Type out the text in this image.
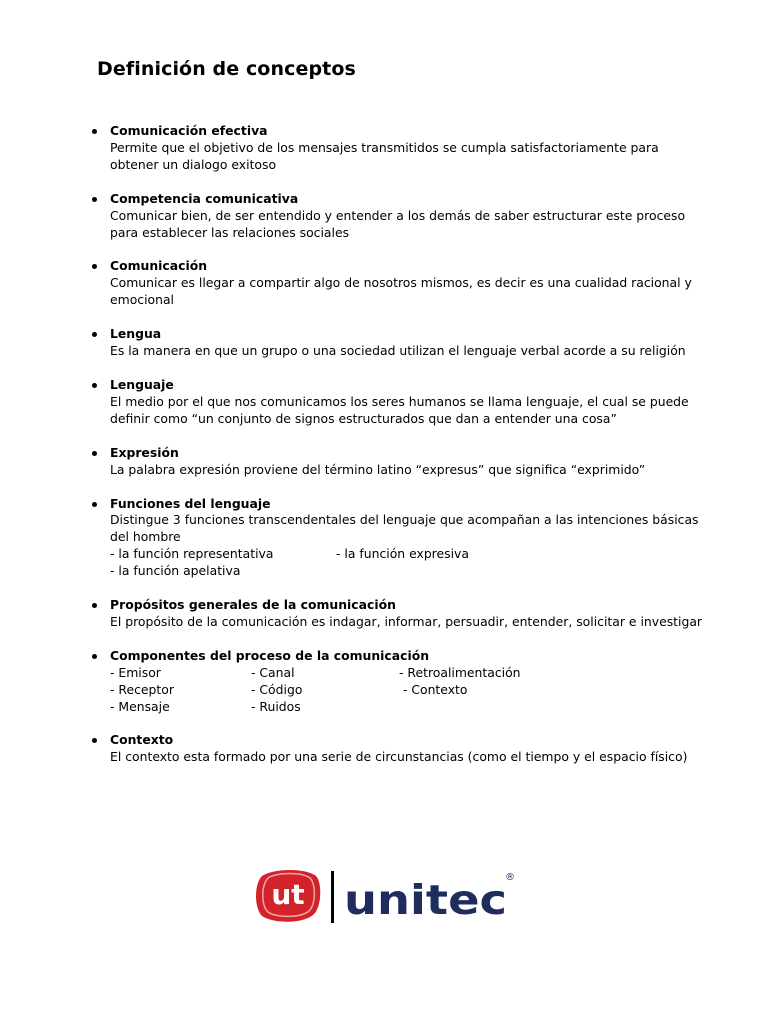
Definición de conceptos
Comunicación efectiva
Permite que el objetivo de los mensajes transmitidos se cumpla satisfactoriamente para obtener un dialogo exitoso
Competencia comunicativa
Comunicar bien, de ser entendido y entender a los demás de saber estructurar este proceso para establecer las relaciones sociales
Comunicación
Comunicar es llegar a compartir algo de nosotros mismos, es decir es una cualidad racional y emocional
Lengua
Es la manera en que un grupo o una sociedad utilizan el lenguaje verbal acorde a su religión
Lenguaje
El medio por el que nos comunicamos los seres humanos se llama lenguaje, el cual se puede definir como “un conjunto de signos estructurados que dan a entender una cosa”
Expresión
La palabra expresión proviene del término latino “expresus” que significa “exprimido”
Funciones del lenguaje
Distingue 3 funciones transcendentales del lenguaje que acompañan a las intenciones básicas del hombre
- la función representativa	- la función expresiva
- la función apelativa
Propósitos generales de la comunicación
El propósito de la comunicación es indagar, informar, persuadir, entender, solicitar e investigar
Componentes del proceso de la comunicación
- Emisor	- Canal	- Retroalimentación
- Receptor	- Código	- Contexto
- Mensaje	- Ruidos
Contexto
El contexto esta formado por una serie de circunstancias (como el tiempo y el espacio físico)
ut unitec
®
